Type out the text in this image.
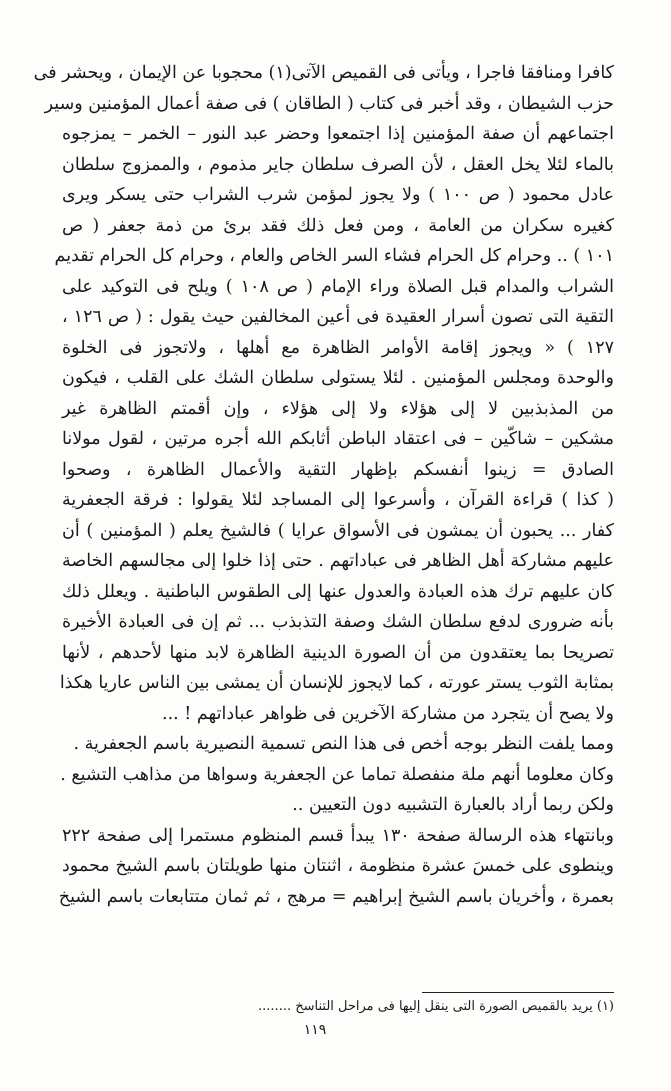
كافرا ومنافقا فاجرا ، ويأتى فى القميص الآتى(١) محجوبا عن الإيمان ، ويحشر فى
حزب الشيطان ، وقد أخبر فى كتاب ( الطاقان ) فى صفة أعمال المؤمنين وسير
اجتماعهم أن صفة المؤمنين إذا اجتمعوا وحضر عبد النور – الخمر – يمزجوه
بالماء لئلا يخل العقل ، لأن الصرف سلطان جاير مذموم ، والممزوج سلطان
عادل محمود ( ص ١٠٠ ) ولا يجوز لمؤمن شرب الشراب حتى يسكر ويرى
كغيره سكران من العامة ، ومن فعل ذلك فقد برئ من ذمة جعفر ( ص
١٠١ ) .. وحرام كل الحرام فشاء السر الخاص والعام ، وحرام كل الحرام تقديم
الشراب والمدام قبل الصلاة وراء الإمام ( ص ١٠٨ ) ويلح فى التوكيد على
التقية التى تصون أسرار العقيدة فى أعين المخالفين حيث يقول : ( ص ١٢٦ ،
١٢٧ ) « ويجوز إقامة الأوامر الظاهرة مع أهلها ، ولاتجوز فى الخلوة
والوحدة ومجلس المؤمنين . لئلا يستولى سلطان الشك على القلب ، فيكون
من المذبذبين لا إلى هؤلاء ولا إلى هؤلاء ، وإن أقمتم الظاهرة غير
مشكين – شاكّين – فى اعتقاد الباطن أثابكم الله أجره مرتين ، لقول مولانا
الصادق = زينوا أنفسكم بإظهار التقية والأعمال الظاهرة ، وصحوا
( كذا ) قراءة القرآن ، وأسرعوا إلى المساجد لئلا يقولوا : فرقة الجعفرية
كفار ... يحبون أن يمشون فى الأسواق عرايا ) فالشيخ يعلم ( المؤمنين ) أن
عليهم مشاركة أهل الظاهر فى عباداتهم . حتى إذا خلوا إلى مجالسهم الخاصة
كان عليهم ترك هذه العبادة والعدول عنها إلى الطقوس الباطنية . ويعلل ذلك
بأنه ضرورى لدفع سلطان الشك وصفة التذبذب ... ثم إن فى العبادة الأخيرة
تصريحا بما يعتقدون من أن الصورة الدينية الظاهرة لابد منها لأحدهم ، لأنها
بمثابة الثوب يستر عورته ، كما لايجوز للإنسان أن يمشى بين الناس عاريا هكذا
ولا يصح أن يتجرد من مشاركة الآخرين فى ظواهر عباداتهم ! ...
ومما يلفت النظر بوجه أخص فى هذا النص تسمية النصيرية باسم الجعفرية .
وكان معلوما أنهم ملة منفصلة تماما عن الجعفرية وسواها من مذاهب التشيع .
ولكن ربما أراد بالعبارة التشبيه دون التعيين ..
وبانتهاء هذه الرسالة صفحة ١٣٠ يبدأ قسم المنظوم مستمرا إلى صفحة ٢٢٢
وينطوى على خمسَ عشرة منظومة ، اثنتان منها طويلتان باسم الشيخ محمود
بعمرة ، وأخريان باسم الشيخ إبراهيم = مرهج ، ثم ثمان متتابعات باسم الشيخ
(١) يريد بالقميص الصورة التى ينقل إليها فى مراحل التناسخ ........
١١٩
